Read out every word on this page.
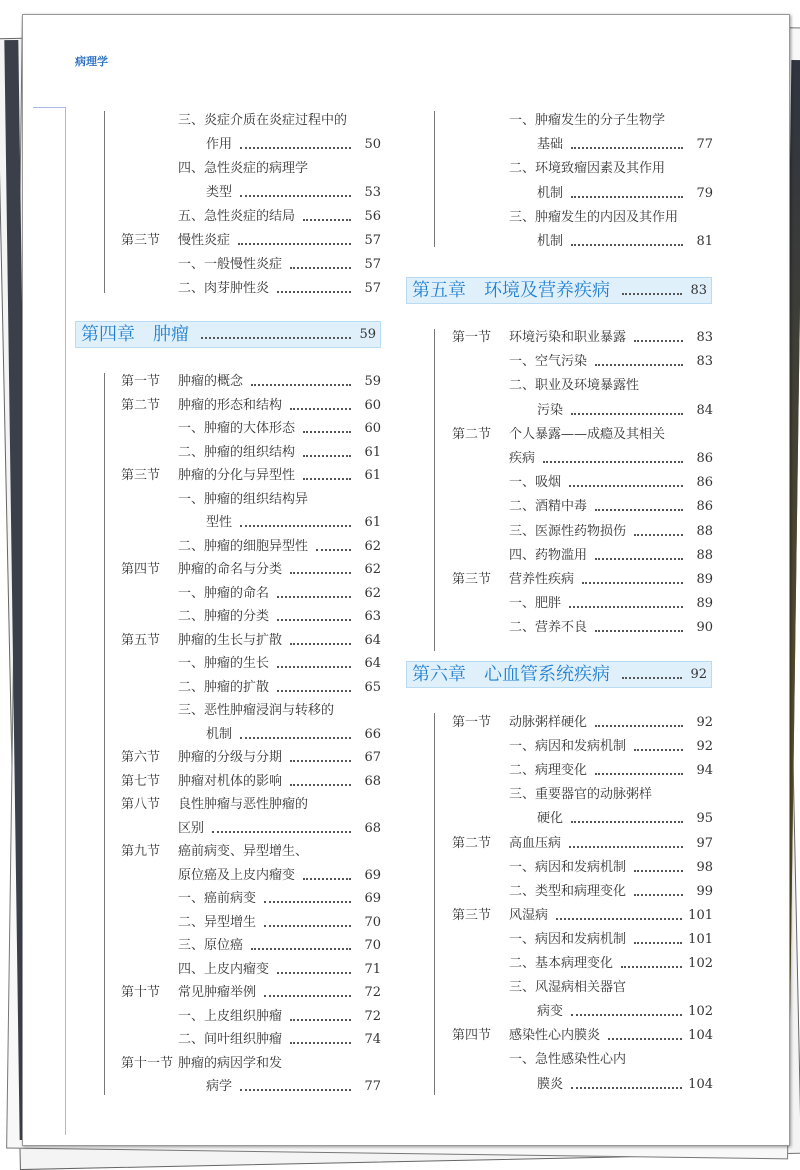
病理学
第四章　肿瘤	59
第五章　环境及营养疾病	83
第六章　心血管系统疾病	92
三、炎症介质在炎症过程中的
作用	50
四、急性炎症的病理学
类型	53
五、急性炎症的结局	56
第三节	慢性炎症	57
一、一般慢性炎症	57
二、肉芽肿性炎	57
第一节	肿瘤的概念	59
第二节	肿瘤的形态和结构	60
一、肿瘤的大体形态	60
二、肿瘤的组织结构	61
第三节	肿瘤的分化与异型性	61
一、肿瘤的组织结构异
型性	61
二、肿瘤的细胞异型性	62
第四节	肿瘤的命名与分类	62
一、肿瘤的命名	62
二、肿瘤的分类	63
第五节	肿瘤的生长与扩散	64
一、肿瘤的生长	64
二、肿瘤的扩散	65
三、恶性肿瘤浸润与转移的
机制	66
第六节	肿瘤的分级与分期	67
第七节	肿瘤对机体的影响	68
第八节	良性肿瘤与恶性肿瘤的
区别	68
第九节	癌前病变、异型增生、
原位癌及上皮内瘤变	69
一、癌前病变	69
二、异型增生	70
三、原位癌	70
四、上皮内瘤变	71
第十节	常见肿瘤举例	72
一、上皮组织肿瘤	72
二、间叶组织肿瘤	74
第十一节 肿瘤的病因学和发
病学	77
一、肿瘤发生的分子生物学
基础	77
二、环境致瘤因素及其作用
机制	79
三、肿瘤发生的内因及其作用
机制	81
第一节	环境污染和职业暴露	83
一、空气污染	83
二、职业及环境暴露性
污染	84
第二节	个人暴露——成瘾及其相关
疾病	86
一、吸烟	86
二、酒精中毒	86
三、医源性药物损伤	88
四、药物滥用	88
第三节	营养性疾病	89
一、肥胖	89
二、营养不良	90
第一节	动脉粥样硬化	92
一、病因和发病机制	92
二、病理变化	94
三、重要器官的动脉粥样
硬化	95
第二节	高血压病	97
一、病因和发病机制	98
二、类型和病理变化	99
第三节	风湿病	101
一、病因和发病机制	101
二、基本病理变化	102
三、风湿病相关器官
病变	102
第四节	感染性心内膜炎	104
一、急性感染性心内
膜炎	104
